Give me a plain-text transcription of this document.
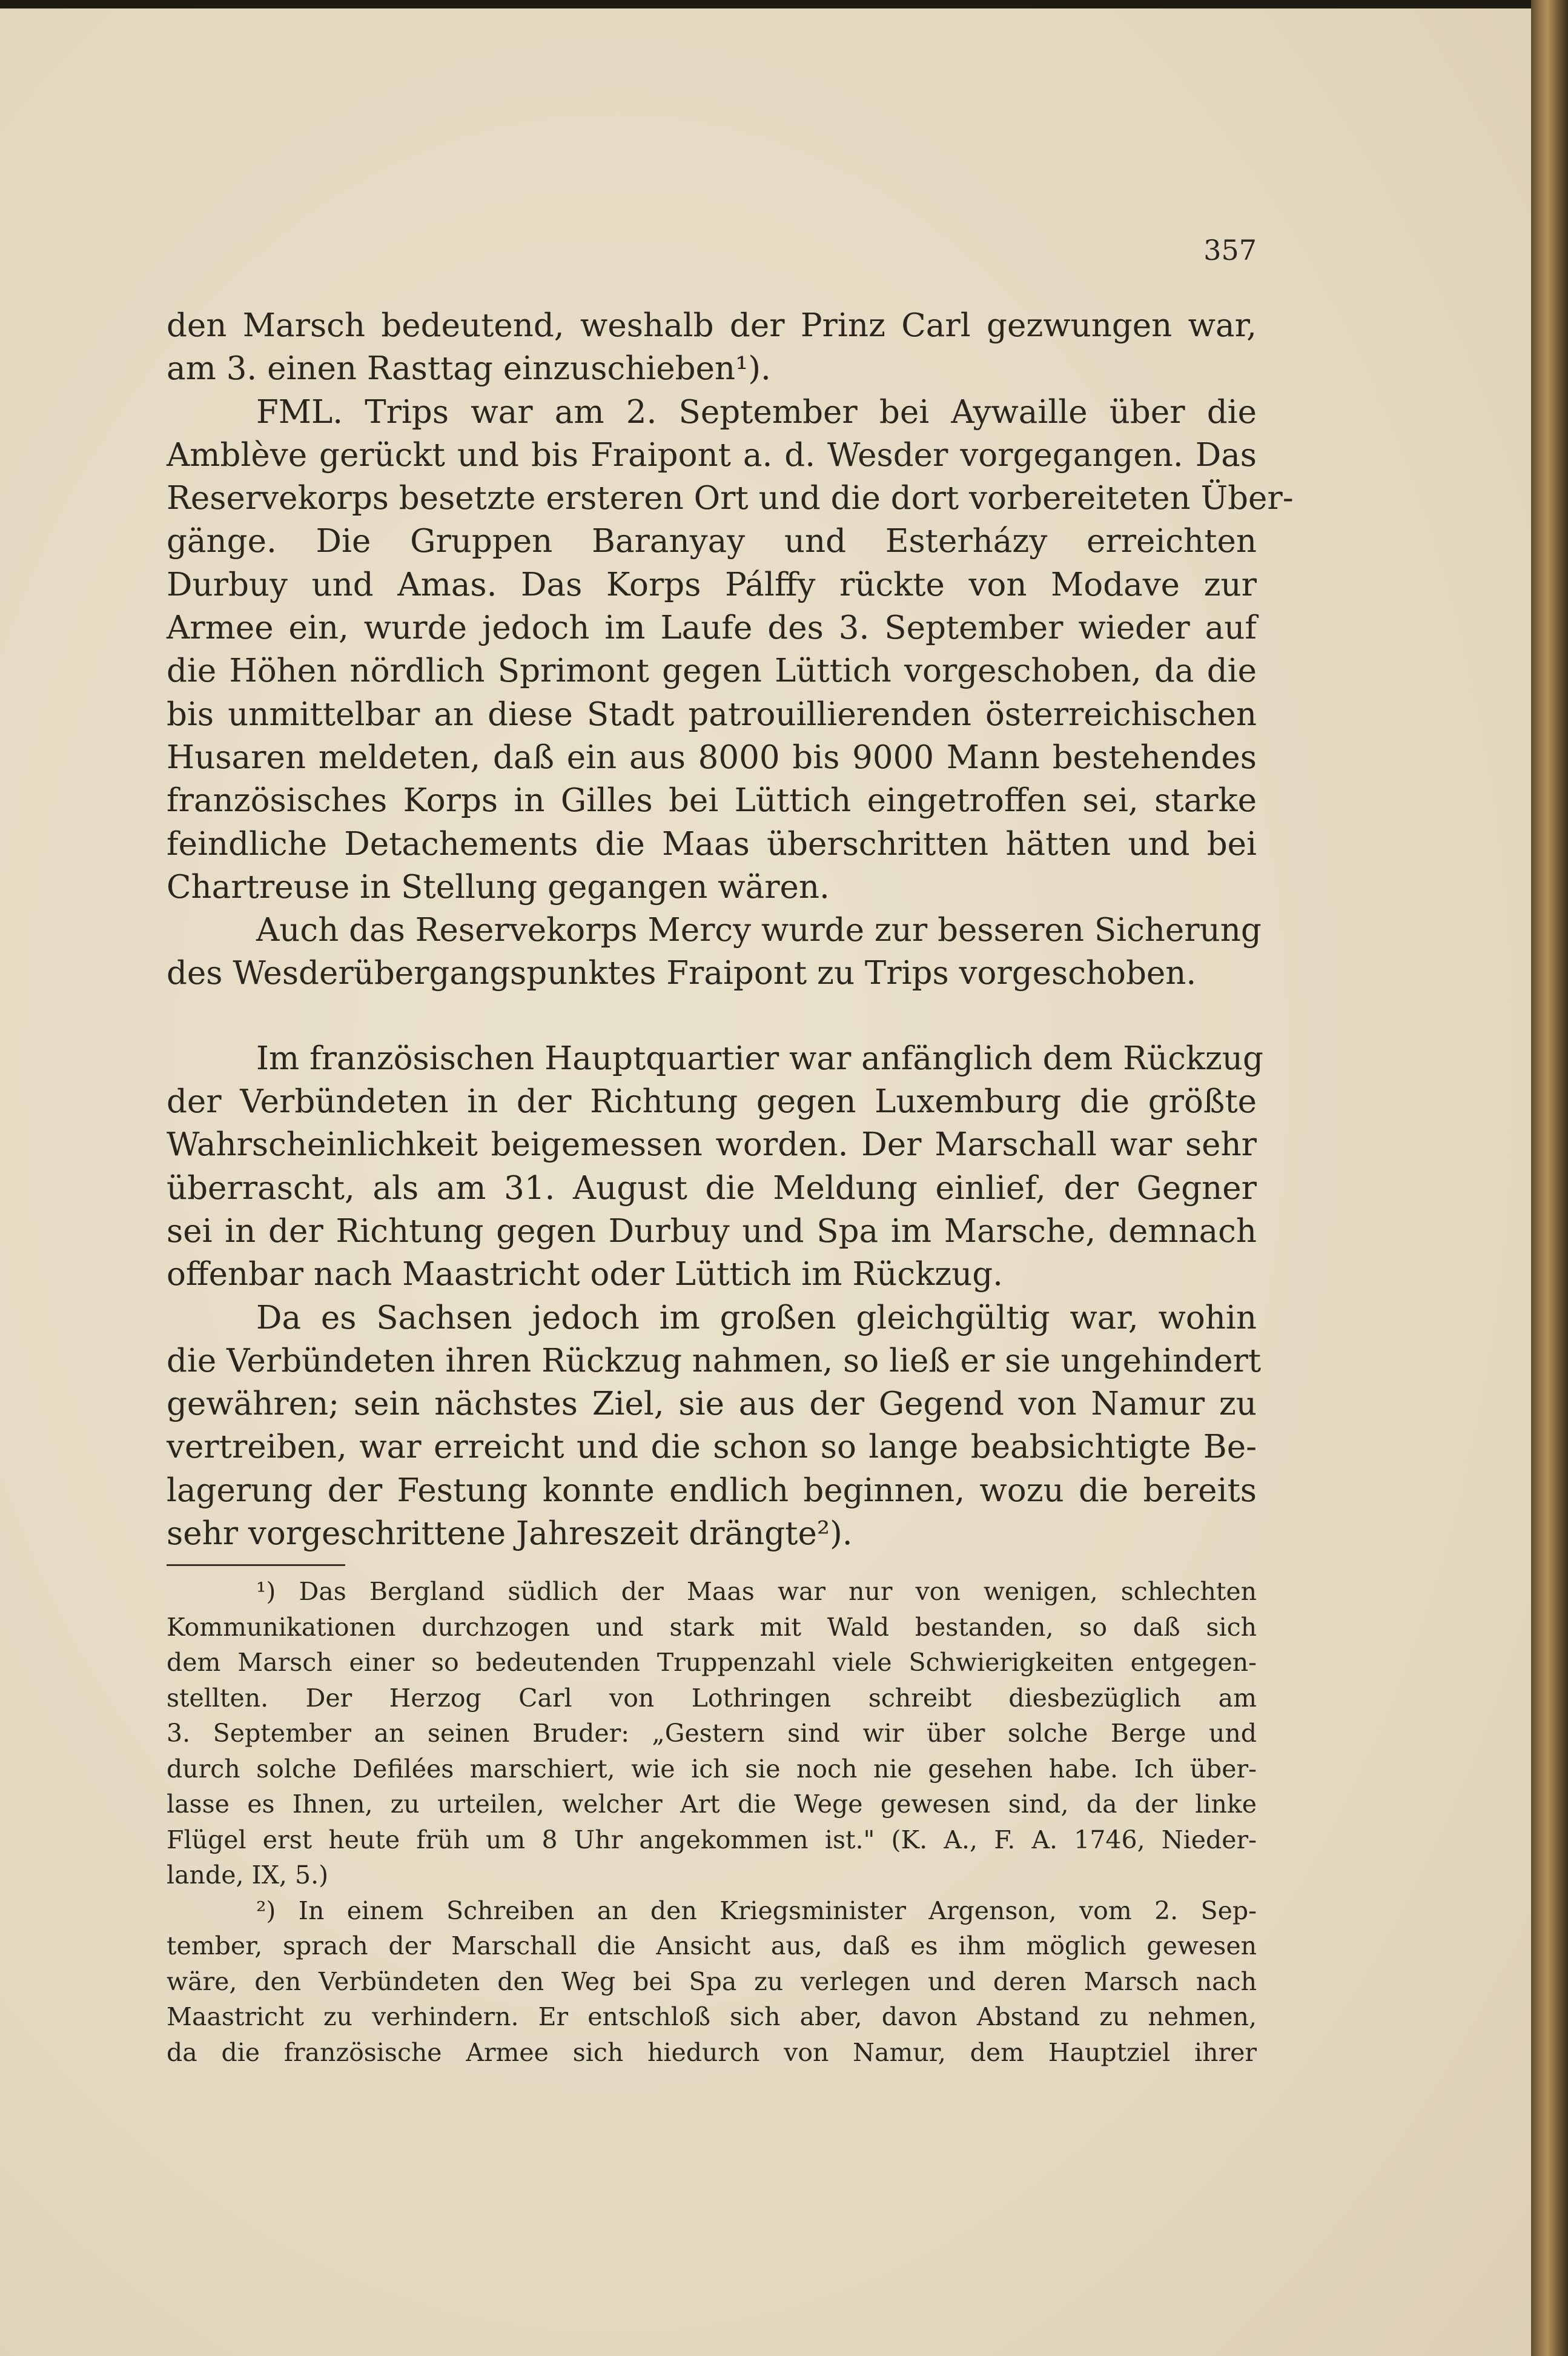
357
den Marsch bedeutend, weshalb der Prinz Carl gezwungen war,
am 3. einen Rasttag einzuschieben¹).
FML. Trips war am 2. September bei Aywaille über die
Amblève gerückt und bis Fraipont a. d. Wesder vorgegangen. Das
Reservekorps besetzte ersteren Ort und die dort vorbereiteten Über-
gänge. Die Gruppen Baranyay und Esterházy erreichten
Durbuy und Amas. Das Korps Pálffy rückte von Modave zur
Armee ein, wurde jedoch im Laufe des 3. September wieder auf
die Höhen nördlich Sprimont gegen Lüttich vorgeschoben, da die
bis unmittelbar an diese Stadt patrouillierenden österreichischen
Husaren meldeten, daß ein aus 8000 bis 9000 Mann bestehendes
französisches Korps in Gilles bei Lüttich eingetroffen sei, starke
feindliche Detachements die Maas überschritten hätten und bei
Chartreuse in Stellung gegangen wären.
Auch das Reservekorps Mercy wurde zur besseren Sicherung
des Wesderübergangspunktes Fraipont zu Trips vorgeschoben.
Im französischen Hauptquartier war anfänglich dem Rückzug
der Verbündeten in der Richtung gegen Luxemburg die größte
Wahrscheinlichkeit beigemessen worden. Der Marschall war sehr
überrascht, als am 31. August die Meldung einlief, der Gegner
sei in der Richtung gegen Durbuy und Spa im Marsche, demnach
offenbar nach Maastricht oder Lüttich im Rückzug.
Da es Sachsen jedoch im großen gleichgültig war, wohin
die Verbündeten ihren Rückzug nahmen, so ließ er sie ungehindert
gewähren; sein nächstes Ziel, sie aus der Gegend von Namur zu
vertreiben, war erreicht und die schon so lange beabsichtigte Be-
lagerung der Festung konnte endlich beginnen, wozu die bereits
sehr vorgeschrittene Jahreszeit drängte²).
¹) Das Bergland südlich der Maas war nur von wenigen, schlechten
Kommunikationen durchzogen und stark mit Wald bestanden, so daß sich
dem Marsch einer so bedeutenden Truppenzahl viele Schwierigkeiten entgegen-
stellten. Der Herzog Carl von Lothringen schreibt diesbezüglich am
3. September an seinen Bruder: „Gestern sind wir über solche Berge und
durch solche Defilées marschiert, wie ich sie noch nie gesehen habe. Ich über-
lasse es Ihnen, zu urteilen, welcher Art die Wege gewesen sind, da der linke
Flügel erst heute früh um 8 Uhr angekommen ist." (K. A., F. A. 1746, Nieder-
lande, IX, 5.)
²) In einem Schreiben an den Kriegsminister Argenson, vom 2. Sep-
tember, sprach der Marschall die Ansicht aus, daß es ihm möglich gewesen
wäre, den Verbündeten den Weg bei Spa zu verlegen und deren Marsch nach
Maastricht zu verhindern. Er entschloß sich aber, davon Abstand zu nehmen,
da die französische Armee sich hiedurch von Namur, dem Hauptziel ihrer
